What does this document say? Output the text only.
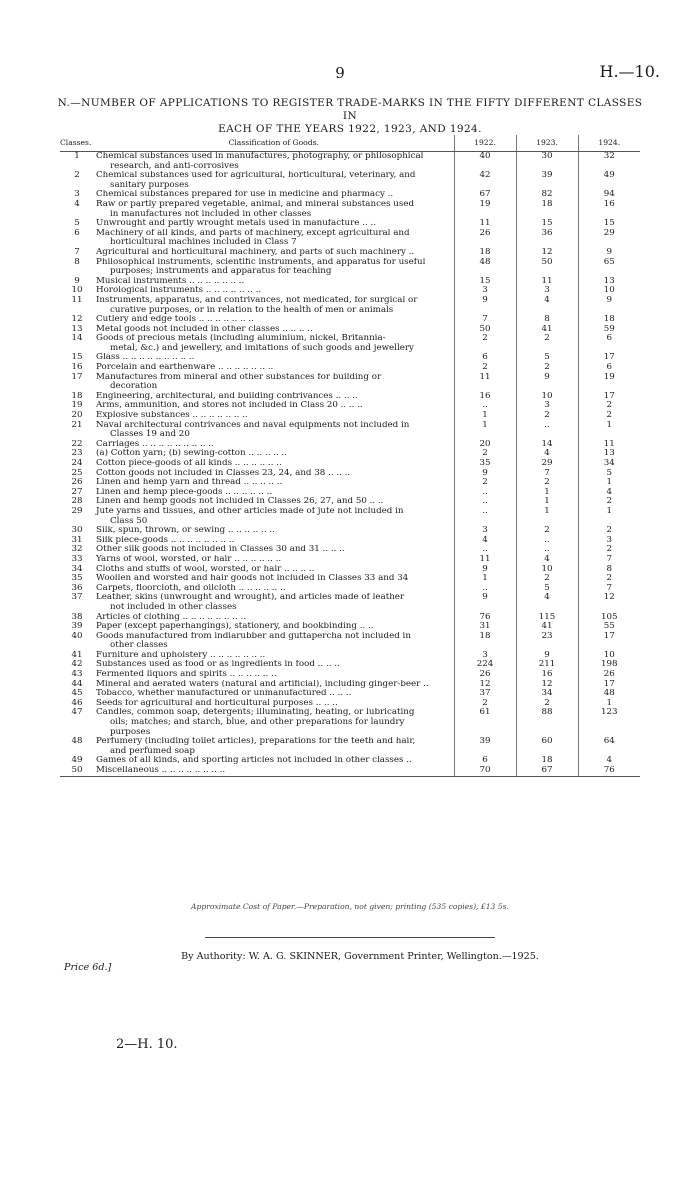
9	H.—10.
N.—NUMBER OF APPLICATIONS TO REGISTER TRADE-MARKS IN THE FIFTY DIFFERENT CLASSES IN
EACH OF THE YEARS 1922, 1923, AND 1924.
Classes.	Classification of Goods.	1922.	1923.	1924.
1	Chemical substances used in manufactures, photography, or philosophical
research, and anti-corrosives	40	30	32
2	Chemical substances used for agricultural, horticultural, veterinary, and
sanitary purposes	42	39	49
3	Chemical substances prepared for use in medicine and pharmacy ..	67	82	94
4	Raw or partly prepared vegetable, animal, and mineral substances used
in manufactures not included in other classes	19	18	16
5	Unwrought and partly wrought metals used in manufacture .. ..	11	15	15
6	Machinery of all kinds, and parts of machinery, except agricultural and
horticultural machines included in Class 7	26	36	29
7	Agricultural and horticultural machinery, and parts of such machinery ..	18	12	9
8	Philosophical instruments, scientific instruments, and apparatus for useful
purposes; instruments and apparatus for teaching	48	50	65
9	Musical instruments .. .. .. .. .. .. ..	15	11	13
10	Horological instruments .. .. .. .. .. .. ..	3	3	10
11	Instruments, apparatus, and contrivances, not medicated, for surgical or
curative purposes, or in relation to the health of men or animals	9	4	9
12	Cutlery and edge tools .. .. .. .. .. .. ..	7	8	18
13	Metal goods not included in other classes .. .. .. ..	50	41	59
14	Goods of precious metals (including aluminium, nickel, Britannia-
metal, &c.) and jewellery, and imitations of such goods and jewellery	2	2	6
15	Glass .. .. .. .. .. .. .. .. ..	6	5	17
16	Porcelain and earthenware .. .. .. .. .. .. ..	2	2	6
17	Manufactures from mineral and other substances for building or
decoration	11	9	19
18	Engineering, architectural, and building contrivances .. .. ..	16	10	17
19	Arms, ammunition, and stores not included in Class 20 .. .. ..	..	3	2
20	Explosive substances .. .. .. .. .. .. ..	1	2	2
21	Naval architectural contrivances and naval equipments not included in
Classes 19 and 20	1	..	1
22	Carriages .. .. .. .. .. .. .. .. ..	20	14	11
23	(a) Cotton yarn; (b) sewing-cotton .. .. .. .. ..	2	4	13
24	Cotton piece-goods of all kinds .. .. .. .. .. ..	35	29	34
25	Cotton goods not included in Classes 23, 24, and 38 .. .. ..	9	7	5
26	Linen and hemp yarn and thread .. .. .. .. ..	2	2	1
27	Linen and hemp piece-goods .. .. .. .. .. ..	..	1	4
28	Linen and hemp goods not included in Classes 26, 27, and 50 .. ..	..	1	2
29	Jute yarns and tissues, and other articles made of jute not included in
Class 50	..	1	1
30	Silk, spun, thrown, or sewing .. .. .. .. .. ..	3	2	2
31	Silk piece-goods .. .. .. .. .. .. .. ..	4	..	3
32	Other silk goods not included in Classes 30 and 31 .. .. ..	..	..	2
33	Yarns of wool, worsted, or hair .. .. .. .. .. ..	11	4	7
34	Cloths and stuffs of wool, worsted, or hair .. .. .. ..	9	10	8
35	Woollen and worsted and hair goods not included in Classes 33 and 34	1	2	2
36	Carpets, floorcloth, and oilcloth .. .. .. .. .. ..	..	5	7
37	Leather, skins (unwrought and wrought), and articles made of leather
not included in other classes	9	4	12
38	Articles of clothing .. .. .. .. .. .. .. ..	76	115	105
39	Paper (except paperhangings), stationery, and bookbinding .. ..	31	41	55
40	Goods manufactured from indiarubber and guttapercha not included in
other classes	18	23	17
41	Furniture and upholstery .. .. .. .. .. .. ..	3	9	10
42	Substances used as food or as ingredients in food .. .. ..	224	211	198
43	Fermented liquors and spirits .. .. .. .. .. ..	26	16	26
44	Mineral and aerated waters (natural and artificial), including ginger-beer ..	12	12	17
45	Tobacco, whether manufactured or unmanufactured .. .. ..	37	34	48
46	Seeds for agricultural and horticultural purposes .. .. ..	2	2	1
47	Candles, common soap, detergents; illuminating, heating, or lubricating
oils; matches; and starch, blue, and other preparations for laundry
purposes	61	88	123
48	Perfumery (including toilet articles), preparations for the teeth and hair,
and perfumed soap	39	60	64
49	Games of all kinds, and sporting articles not included in other classes ..	6	18	4
50	Miscellaneous .. .. .. .. .. .. .. ..	70	67	76
Approximate Cost of Paper.—Preparation, not given; printing (535 copies), £13 5s.
By Authority: W. A. G. SKINNER, Government Printer, Wellington.—1925.
Price 6d.]
2—H. 10.
